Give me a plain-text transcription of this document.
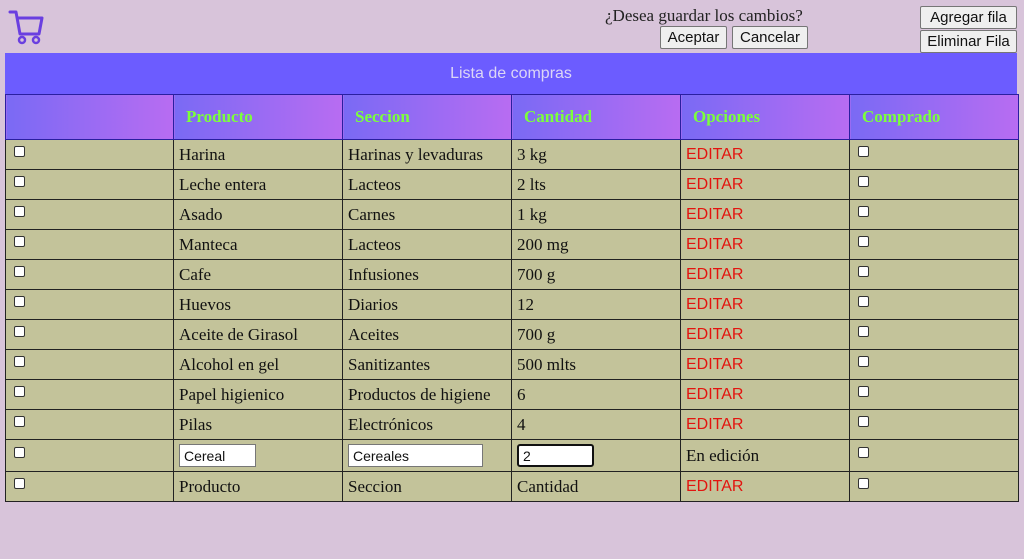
¿Desea guardar los cambios?
Aceptar	Cancelar
Agregar fila
Eliminar Fila
Lista de compras
	Producto	Seccion	Cantidad	Opciones	Comprado
	Harina	Harinas y levaduras	3 kg	EDITAR	
	Leche entera	Lacteos	2 lts	EDITAR	
	Asado	Carnes	1 kg	EDITAR	
	Manteca	Lacteos	200 mg	EDITAR	
	Cafe	Infusiones	700 g	EDITAR	
	Huevos	Diarios	12	EDITAR	
	Aceite de Girasol	Aceites	700 g	EDITAR	
	Alcohol en gel	Sanitizantes	500 mlts	EDITAR	
	Papel higienico	Productos de higiene	6	EDITAR	
	Pilas	Electrónicos	4	EDITAR	
	Cereal	Cereales	2	En edición	
	Producto	Seccion	Cantidad	EDITAR	
